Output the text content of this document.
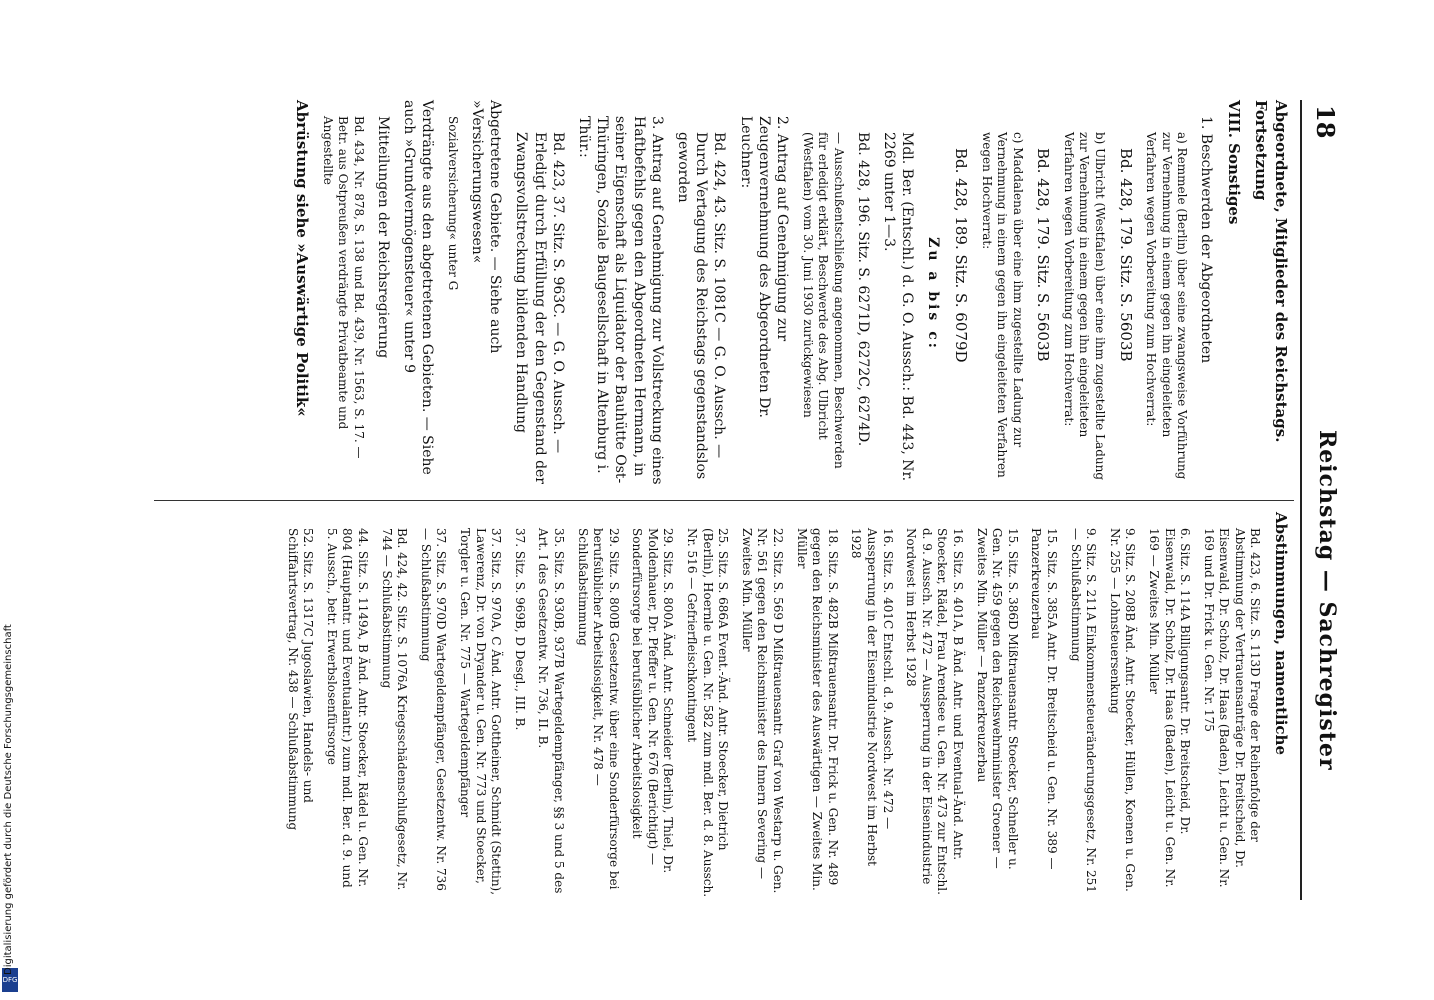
DFG
Digitalisierung gefördert durch die Deutsche Forschungsgemeinschaft
18
Reichstag — Sachregister

Abgeordnete, Mitglieder des Reichstags. Fortsetzung

VIII. Sonstiges

1. Beschwerden der Abgeordneten

a) Remmele (Berlin) über seine zwangsweise Vorführung zur Vernehmung in einem gegen ihn eingeleiteten Verfahren wegen Vorbereitung zum Hochverrat:

Bd. 428, 179. Sitz. S. 5603B

b) Ulbricht (Westfalen) über eine ihm zugestellte Ladung zur Vernehmung in einem gegen ihn eingeleiteten Verfahren wegen Vorbereitung zum Hochverrat:

Bd. 428, 179. Sitz. S. 5603B

c) Maddalena über eine ihm zugestellte Ladung zur Vernehmung in einem gegen ihn eingeleiteten Verfahren wegen Hochverrat:

Bd. 428, 189. Sitz. S. 6079D

Zu a bis c:

Mdl. Ber. (Entschl.) d. G. O. Aussch.: Bd. 443, Nr. 2269 unter 1—3.

Bd. 428, 196. Sitz. S. 6271D, 6272C, 6274D.

— Ausschußentschließung angenommen, Beschwerden für erledigt erklärt, Beschwerde des Abg. Ulbricht (Westfalen) vom 30. Juni 1930 zurückgewiesen

2. Antrag auf Genehmigung zur Zeugenvernehmung des Abgeordneten Dr. Leuchner:

Bd. 424, 43. Sitz. S. 1081C — G. O. Aussch. — Durch Vertagung des Reichstags gegenstandslos geworden

3. Antrag auf Genehmigung zur Vollstreckung eines Haftbefehls gegen den Abgeordneten Hermann, in seiner Eigenschaft als Liquidator der Bauhütte Ost-Thüringen, Soziale Baugesellschaft in Altenburg i. Thür.:

Bd. 423, 37. Sitz. S. 963C. — G. O. Aussch. — Erledigt durch Erfüllung der den Gegenstand der Zwangsvollstreckung bildenden Handlung

Abgetretene Gebiete. — Siehe auch »Versicherungswesen«

Sozialversicherung« unter G

Verdrängte aus den abgetretenen Gebieten. — Siehe auch »Grundvermögensteuer« unter 9

Mitteilungen der Reichsregierung

Bd. 434, Nr. 878, S. 138 und Bd. 439, Nr. 1563, S. 17. — Betr. aus Ostpreußen verdrängte Privatbeamte und Angestellte

Abrüstung siehe »Auswärtige Politik«

Abstimmungen, namentliche

Bd. 423, 6. Sitz. S. 113D Frage der Reihenfolge der Abstimmung der Vertrauensanträge Dr. Breitscheid, Dr. Eisenwald, Dr. Scholz, Dr. Haas (Baden), Leicht u. Gen. Nr. 169 und Dr. Frick u. Gen. Nr. 175

6. Sitz. S. 114A Billigungsantr. Dr. Breitscheid, Dr. Eisenwald, Dr. Scholz, Dr. Haas (Baden), Leicht u. Gen. Nr. 169 — Zweites Min. Müller

9. Sitz. S. 208B Änd. Antr. Stoecker, Hüllen, Koenen u. Gen. Nr. 255 — Lohnsteuersenkung

9. Sitz. S. 211A Einkommensteueränderungsgesetz, Nr. 251 — Schlußabstimmung

15. Sitz. S. 385A Antr. Dr. Breitscheid u. Gen. Nr. 389 — Panzerkreuzerbau

15. Sitz. S. 386D Mißtrauensantr. Stoecker, Schneller u. Gen. Nr. 459 gegen den Reichswehrminister Groener — Zweites Min. Müller — Panzerkreuzerbau

16. Sitz. S. 401A, B Änd. Antr. und Eventual-Änd. Antr. Stoecker, Rädel, Frau Arendsee u. Gen. Nr. 473 zur Entschl. d. 9. Aussch. Nr. 472 — Aussperrung in der Eisenindustrie Nordwest im Herbst 1928

16. Sitz. S. 401C Entschl. d. 9. Aussch. Nr. 472 — Aussperrung in der Eisenindustrie Nordwest im Herbst 1928

18. Sitz. S. 482B Mißtrauensantr. Dr. Frick u. Gen. Nr. 489 gegen den Reichsminister des Auswärtigen — Zweites Min. Müller

22. Sitz. S. 569 D Mißtrauensantr. Graf von Westarp u. Gen. Nr. 561 gegen den Reichsminister des Innern Severing — Zweites Min. Müller

25. Sitz. S. 686A Event.-Änd. Antr. Stoecker, Dietrich (Berlin), Hoernle u. Gen. Nr. 582 zum mdl. Ber. d. 8. Aussch. Nr. 516 — Gefrierfleischkontingent

29. Sitz. S. 800A Änd. Antr. Schneider (Berlin), Thiel, Dr. Moldenhauer, Dr. Pfeffer u. Gen. Nr. 676 (Berichtigt) — Sonderfürsorge bei berufsüblicher Arbeitslosigkeit

29. Sitz. S. 800B Gesetzentw. über eine Sonderfürsorge bei berufsüblicher Arbeitslosigkeit, Nr. 478 — Schlußabstimmung

35. Sitz. S. 930B, 937B Wartegeldempfänger, §§ 3 und 5 des Art. I des Gesetzentw. Nr. 736, II. B.

37. Sitz. S. 969B, D Desgl., III. B.

37. Sitz. S. 970A, C Änd. Antr. Gottheiner, Schmidt (Stettin), Lawerenz, Dr. von Dryander u. Gen. Nr. 773 und Stoecker, Torgler u. Gen. Nr. 775 — Wartegeldempfänger

37. Sitz. S. 970D Wartegeldempfänger, Gesetzentw. Nr. 736 — Schlußabstimmung

Bd. 424, 42. Sitz. S. 1076A Kriegsschädenschlußgesetz, Nr. 744 — Schlußabstimmung

44. Sitz. S. 1149A, B Änd. Antr. Stoecker, Rädel u. Gen. Nr. 804 (Hauptantr. und Eventualantr.) zum mdl. Ber. d. 9. und 5. Aussch., betr. Erwerbslosenfürsorge

52. Sitz. S. 1317C Jugoslawien, Handels- und Schiffahrtsvertrag, Nr. 438 — Schlußabstimmung
